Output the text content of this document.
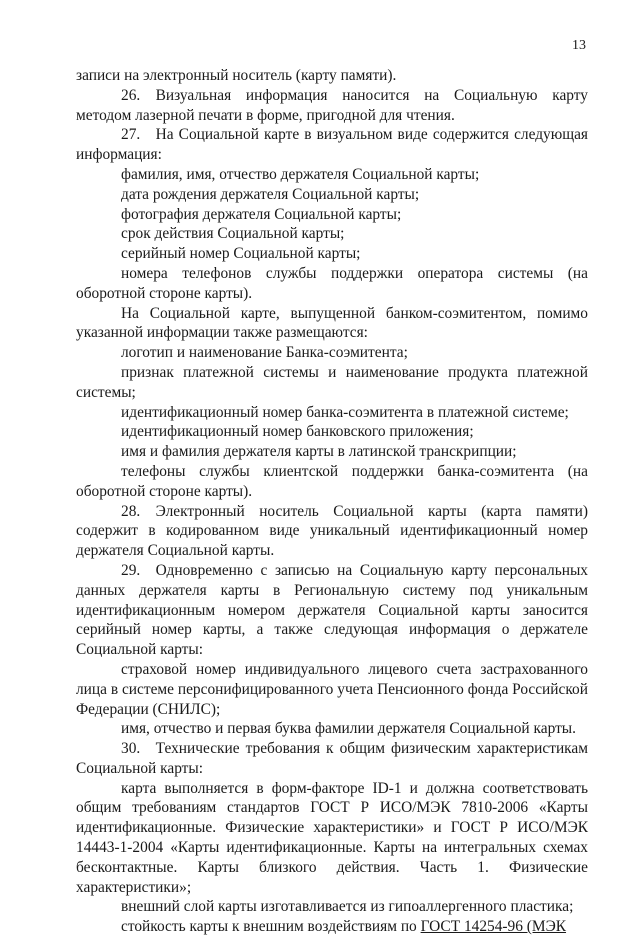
13

записи на электронный носитель (карту памяти).

26. Визуальная информация наносится на Социальную карту методом лазерной печати в форме, пригодной для чтения.

27. На Социальной карте в визуальном виде содержится следующая информация:

фамилия, имя, отчество держателя Социальной карты;

дата рождения держателя Социальной карты;

фотография держателя Социальной карты;

срок действия Социальной карты;

серийный номер Социальной карты;

номера телефонов службы поддержки оператора системы (на оборотной стороне карты).

На Социальной карте, выпущенной банком-соэмитентом, помимо указанной информации также размещаются:

логотип и наименование Банка-соэмитента;

признак платежной системы и наименование продукта платежной системы;

идентификационный номер банка-соэмитента в платежной системе;

идентификационный номер банковского приложения;

имя и фамилия держателя карты в латинской транскрипции;

телефоны службы клиентской поддержки банка-соэмитента (на оборотной стороне карты).

28. Электронный носитель Социальной карты (карта памяти) содержит в кодированном виде уникальный идентификационный номер держателя Социальной карты.

29. Одновременно с записью на Социальную карту персональных данных держателя карты в Региональную систему под уникальным идентификационным номером держателя Социальной карты заносится серийный номер карты, а также следующая информация о держателе Социальной карты:

страховой номер индивидуального лицевого счета застрахованного лица в системе персонифицированного учета Пенсионного фонда Российской Федерации (СНИЛС);

имя, отчество и первая буква фамилии держателя Социальной карты.

30. Технические требования к общим физическим характеристикам Социальной карты:

карта выполняется в форм-факторе ID-1 и должна соответствовать общим требованиям стандартов ГОСТ Р ИСО/МЭК 7810-2006 «Карты идентификационные. Физические характеристики» и ГОСТ Р ИСО/МЭК 14443-1-2004 «Карты идентификационные. Карты на интегральных схемах бесконтактные. Карты близкого действия. Часть 1. Физические характеристики»;

внешний слой карты изготавливается из гипоаллергенного пластика;

стойкость карты к внешним воздействиям по ГОСТ 14254-96 (МЭК
